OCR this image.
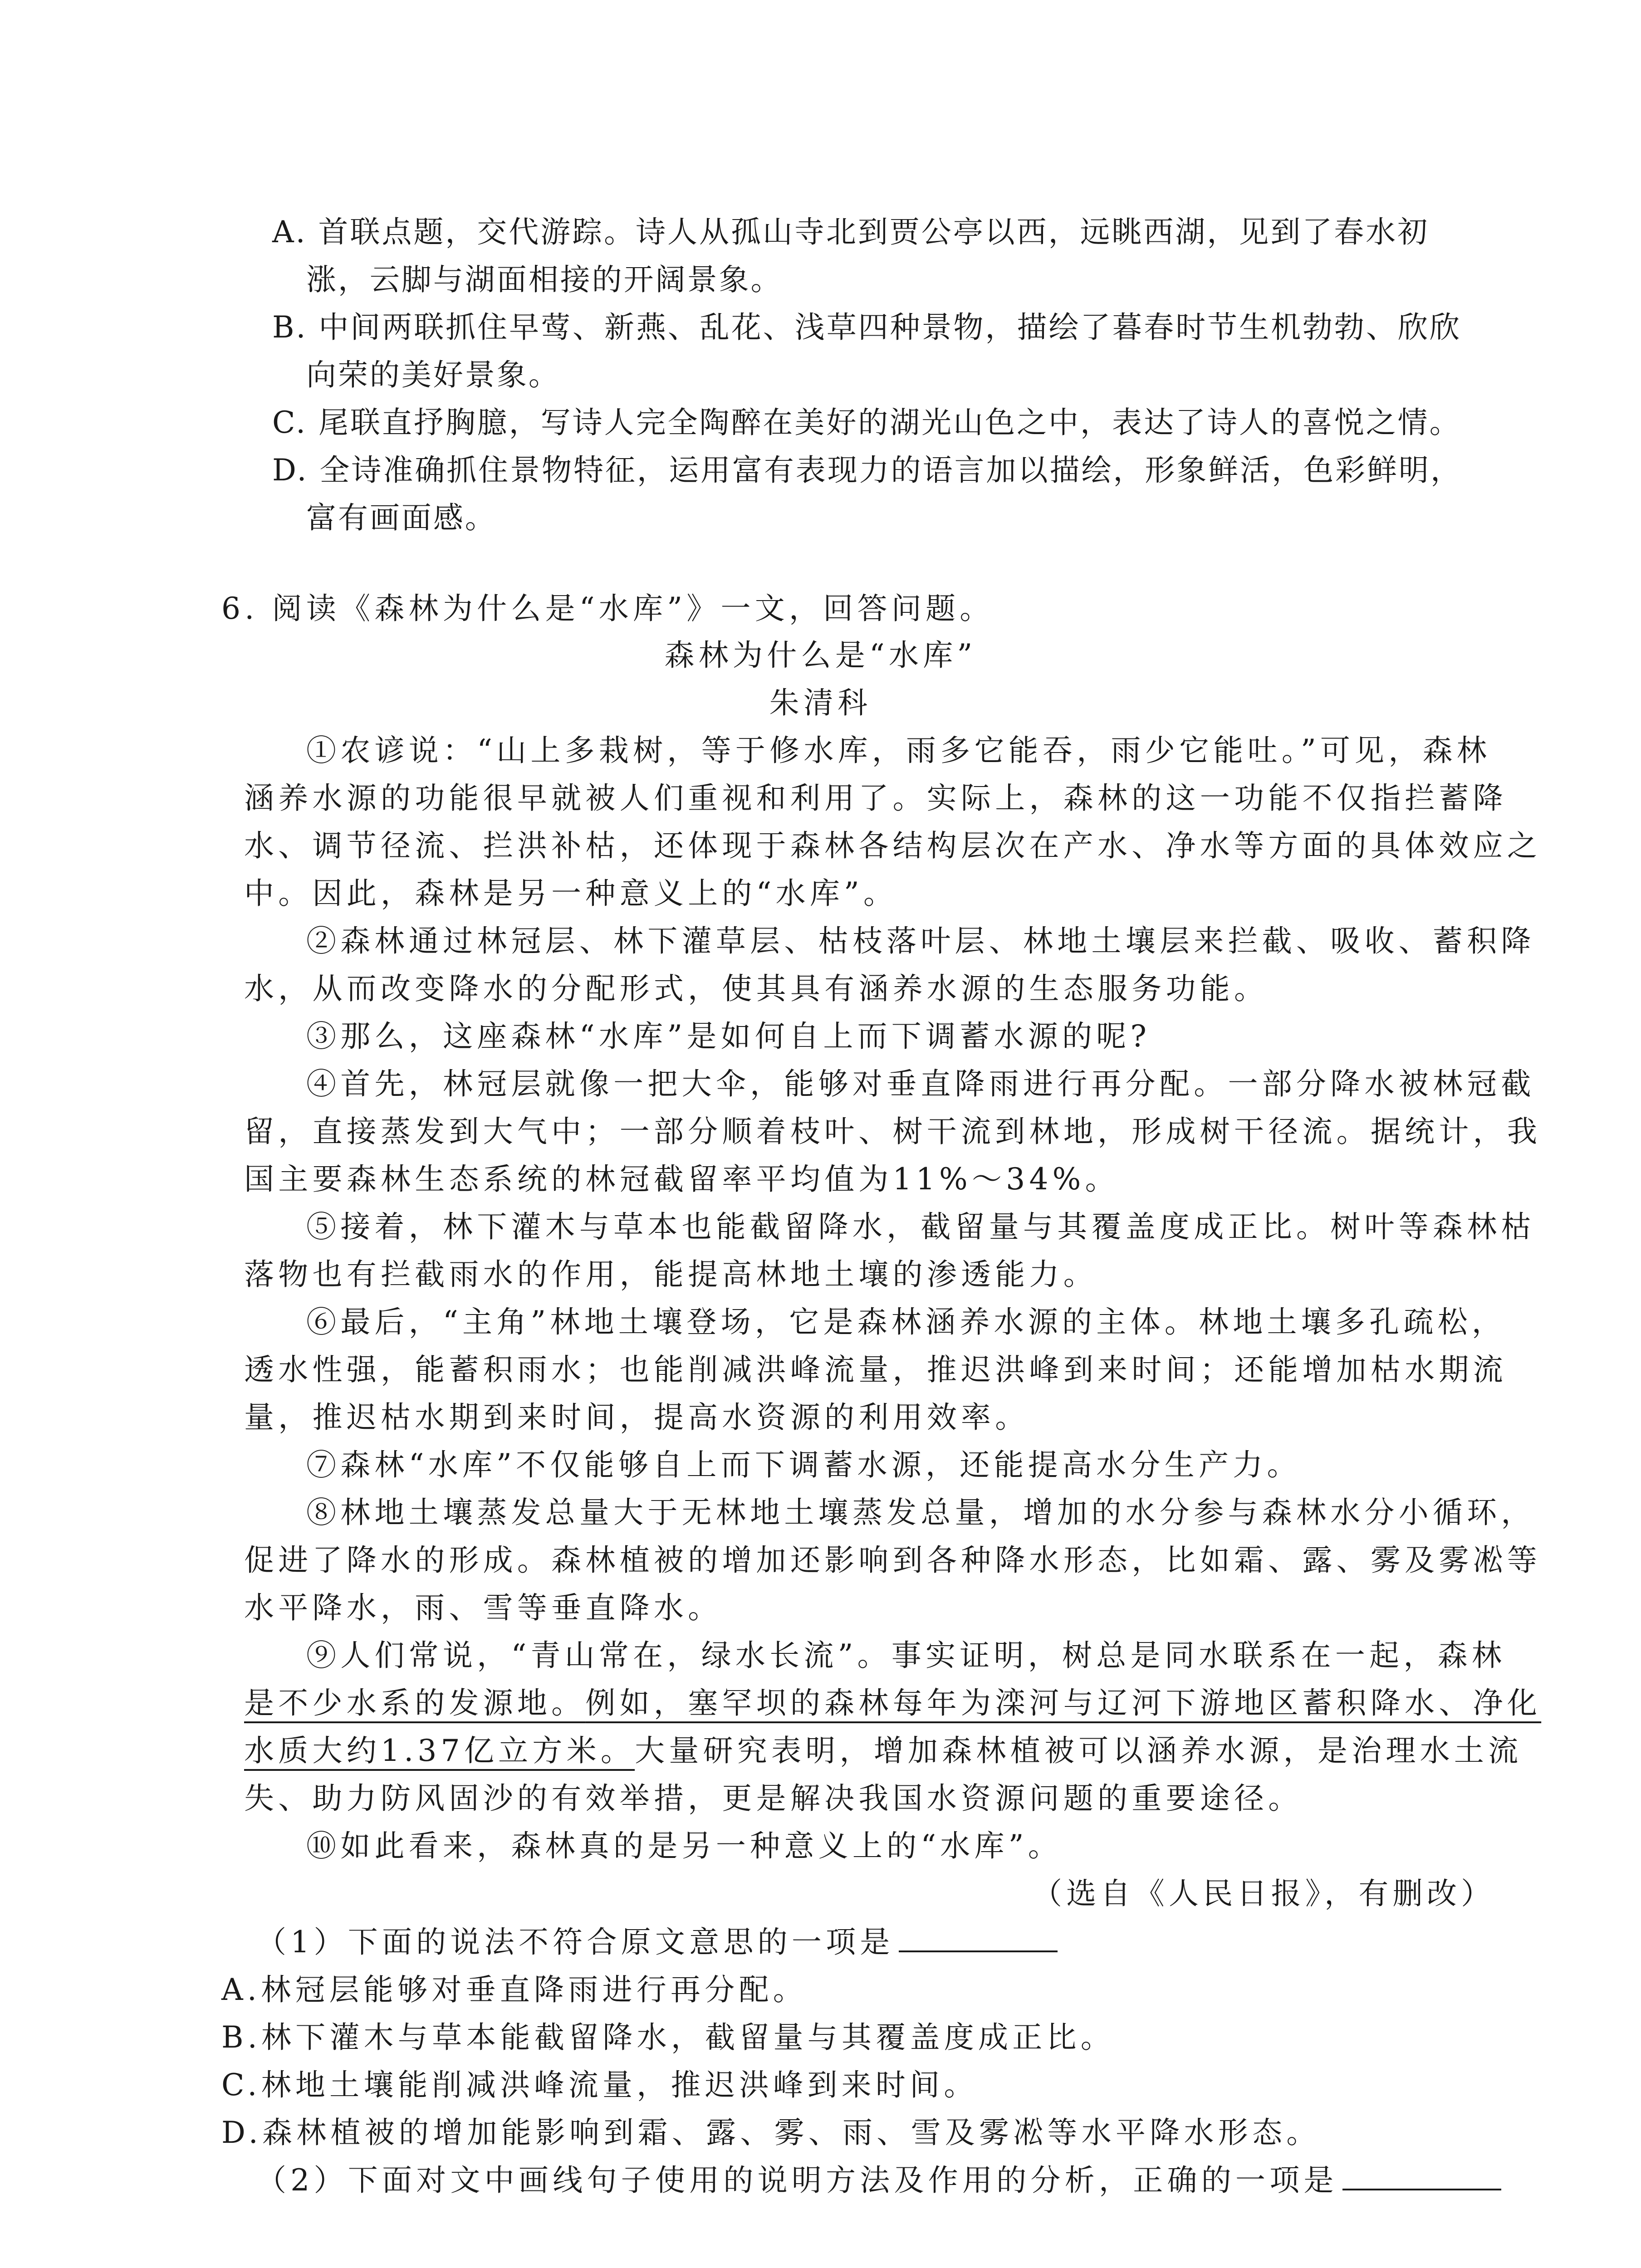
A. 首联点题，交代游踪。诗人从孤山寺北到贾公亭以西，远眺西湖，见到了春水初
涨，云脚与湖面相接的开阔景象。
B. 中间两联抓住早莺、新燕、乱花、浅草四种景物，描绘了暮春时节生机勃勃、欣欣
向荣的美好景象。
C. 尾联直抒胸臆，写诗人完全陶醉在美好的湖光山色之中，表达了诗人的喜悦之情。
D. 全诗准确抓住景物特征，运用富有表现力的语言加以描绘，形象鲜活，色彩鲜明，
富有画面感。
6. 阅读《森林为什么是“水库”》一文，回答问题。
森林为什么是“水库”
朱清科
①农谚说：“山上多栽树，等于修水库，雨多它能吞，雨少它能吐。”可见，森林
涵养水源的功能很早就被人们重视和利用了。实际上，森林的这一功能不仅指拦蓄降
水、调节径流、拦洪补枯，还体现于森林各结构层次在产水、净水等方面的具体效应之
中。因此，森林是另一种意义上的“水库”。
②森林通过林冠层、林下灌草层、枯枝落叶层、林地土壤层来拦截、吸收、蓄积降
水，从而改变降水的分配形式，使其具有涵养水源的生态服务功能。
③那么，这座森林“水库”是如何自上而下调蓄水源的呢?
④首先，林冠层就像一把大伞，能够对垂直降雨进行再分配。一部分降水被林冠截
留，直接蒸发到大气中；一部分顺着枝叶、树干流到林地，形成树干径流。据统计，我
国主要森林生态系统的林冠截留率平均值为11%～34%。
⑤接着，林下灌木与草本也能截留降水，截留量与其覆盖度成正比。树叶等森林枯
落物也有拦截雨水的作用，能提高林地土壤的渗透能力。
⑥最后，“主角”林地土壤登场，它是森林涵养水源的主体。林地土壤多孔疏松，
透水性强，能蓄积雨水；也能削减洪峰流量，推迟洪峰到来时间；还能增加枯水期流
量，推迟枯水期到来时间，提高水资源的利用效率。
⑦森林“水库”不仅能够自上而下调蓄水源，还能提高水分生产力。
⑧林地土壤蒸发总量大于无林地土壤蒸发总量，增加的水分参与森林水分小循环，
促进了降水的形成。森林植被的增加还影响到各种降水形态，比如霜、露、雾及雾凇等
水平降水，雨、雪等垂直降水。
⑨人们常说，“青山常在，绿水长流”。事实证明，树总是同水联系在一起，森林
是不少水系的发源地。例如，塞罕坝的森林每年为滦河与辽河下游地区蓄积降水、净化
水质大约1.37亿立方米。大量研究表明，增加森林植被可以涵养水源，是治理水土流
失、助力防风固沙的有效举措，更是解决我国水资源问题的重要途径。
⑩如此看来，森林真的是另一种意义上的“水库”。
（选自《人民日报》，有删改）
（1）下面的说法不符合原文意思的一项是
A.林冠层能够对垂直降雨进行再分配。
B.林下灌木与草本能截留降水，截留量与其覆盖度成正比。
C.林地土壤能削减洪峰流量，推迟洪峰到来时间。
D.森林植被的增加能影响到霜、露、雾、雨、雪及雾凇等水平降水形态。
（2）下面对文中画线句子使用的说明方法及作用的分析，正确的一项是
